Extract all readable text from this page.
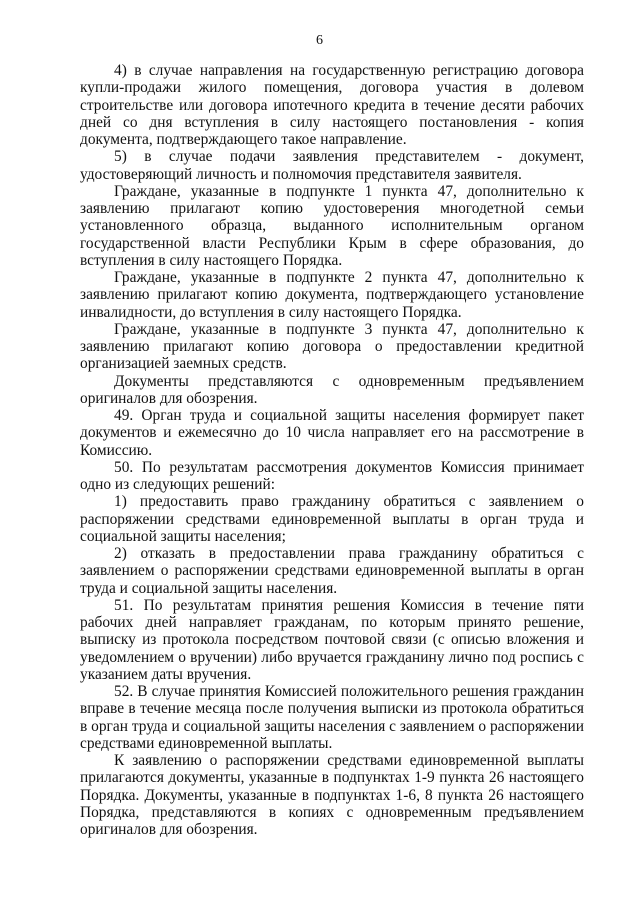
6

4) в случае направления на государственную регистрацию договора купли-продажи жилого помещения, договора участия в долевом строительстве или договора ипотечного кредита в течение десяти рабочих дней со дня вступления в силу настоящего постановления - копия документа, подтверждающего такое направление.

5) в случае подачи заявления представителем - документ, удостоверяющий личность и полномочия представителя заявителя.

Граждане, указанные в подпункте 1 пункта 47, дополнительно к заявлению прилагают копию удостоверения многодетной семьи установленного образца, выданного исполнительным органом государственной власти Республики Крым в сфере образования, до вступления в силу настоящего Порядка.

Граждане, указанные в подпункте 2 пункта 47, дополнительно к заявлению прилагают копию документа, подтверждающего установление инвалидности, до вступления в силу настоящего Порядка.

Граждане, указанные в подпункте 3 пункта 47, дополнительно к заявлению прилагают копию договора о предоставлении кредитной организацией заемных средств.

Документы представляются с одновременным предъявлением оригиналов для обозрения.

49. Орган труда и социальной защиты населения формирует пакет документов и ежемесячно до 10 числа направляет его на рассмотрение в Комиссию.

50. По результатам рассмотрения документов Комиссия принимает одно из следующих решений:

1) предоставить право гражданину обратиться с заявлением о распоряжении средствами единовременной выплаты в орган труда и социальной защиты населения;

2) отказать в предоставлении права гражданину обратиться с заявлением о распоряжении средствами единовременной выплаты в орган труда и социальной защиты населения.

51. По результатам принятия решения Комиссия в течение пяти рабочих дней направляет гражданам, по которым принято решение, выписку из протокола посредством почтовой связи (с описью вложения и уведомлением о вручении) либо вручается гражданину лично под роспись с указанием даты вручения.

52. В случае принятия Комиссией положительного решения гражданин вправе в течение месяца после получения выписки из протокола обратиться в орган труда и социальной защиты населения с заявлением о распоряжении средствами единовременной выплаты.

К заявлению о распоряжении средствами единовременной выплаты прилагаются документы, указанные в подпунктах 1-9 пункта 26 настоящего Порядка. Документы, указанные в подпунктах 1-6, 8 пункта 26 настоящего Порядка, представляются в копиях с одновременным предъявлением оригиналов для обозрения.
